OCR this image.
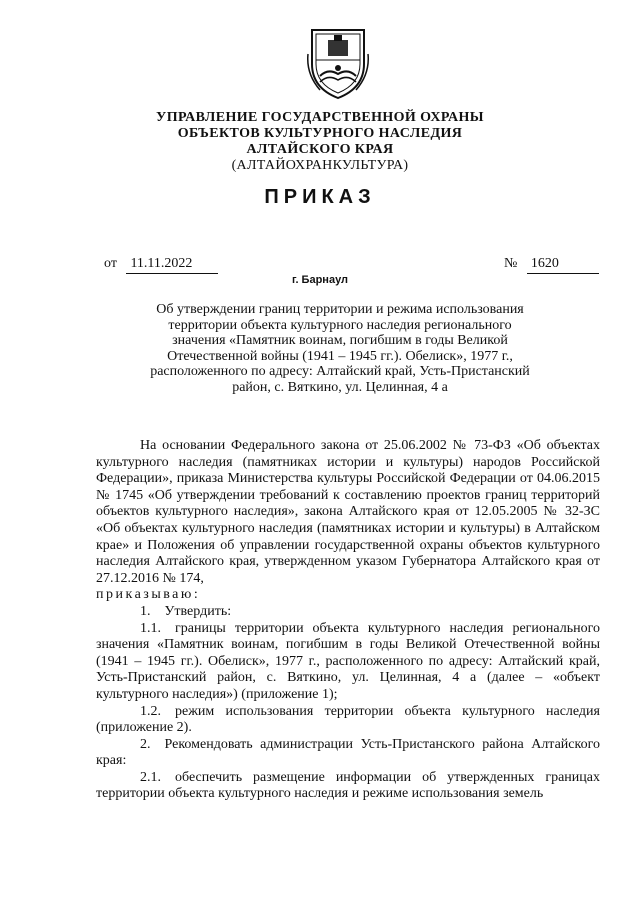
УПРАВЛЕНИЕ ГОСУДАРСТВЕННОЙ ОХРАНЫ
ОБЪЕКТОВ КУЛЬТУРНОГО НАСЛЕДИЯ
АЛТАЙСКОГО КРАЯ
(АЛТАЙОХРАНКУЛЬТУРА)
ПРИКАЗ
от 11.11.2022	№ 1620
г. Барнаул
Об утверждении границ территории и режима использования
территории объекта культурного наследия регионального
значения «Памятник воинам, погибшим в годы Великой
Отечественной войны (1941 – 1945 гг.). Обелиск», 1977 г.,
расположенного по адресу: Алтайский край, Усть-Пристанский
район, с. Вяткино, ул. Целинная, 4 а

На основании Федерального закона от 25.06.2002 № 73-ФЗ «Об объектах культурного наследия (памятниках истории и культуры) народов Российской Федерации», приказа Министерства культуры Российской Федерации от 04.06.2015 № 1745 «Об утверждении требований к составлению проектов границ территорий объектов культурного наследия», закона Алтайского края от 12.05.2005 № 32-ЗС «Об объектах культурного наследия (памятниках истории и культуры) в Алтайском крае» и Положения об управлении государственной охраны объектов культурного наследия Алтайского края, утвержденном указом Губернатора Алтайского края от 27.12.2016 № 174,

приказываю:

1. Утвердить:

1.1. границы территории объекта культурного наследия регионального значения «Памятник воинам, погибшим в годы Великой Отечественной войны (1941 – 1945 гг.). Обелиск», 1977 г., расположенного по адресу: Алтайский край, Усть-Пристанский район, с. Вяткино, ул. Целинная, 4 а (далее – «объект культурного наследия») (приложение 1);

1.2. режим использования территории объекта культурного наследия (приложение 2).

2. Рекомендовать администрации Усть-Пристанского района Алтайского края:

2.1. обеспечить размещение информации об утвержденных границах территории объекта культурного наследия и режиме использования земель
